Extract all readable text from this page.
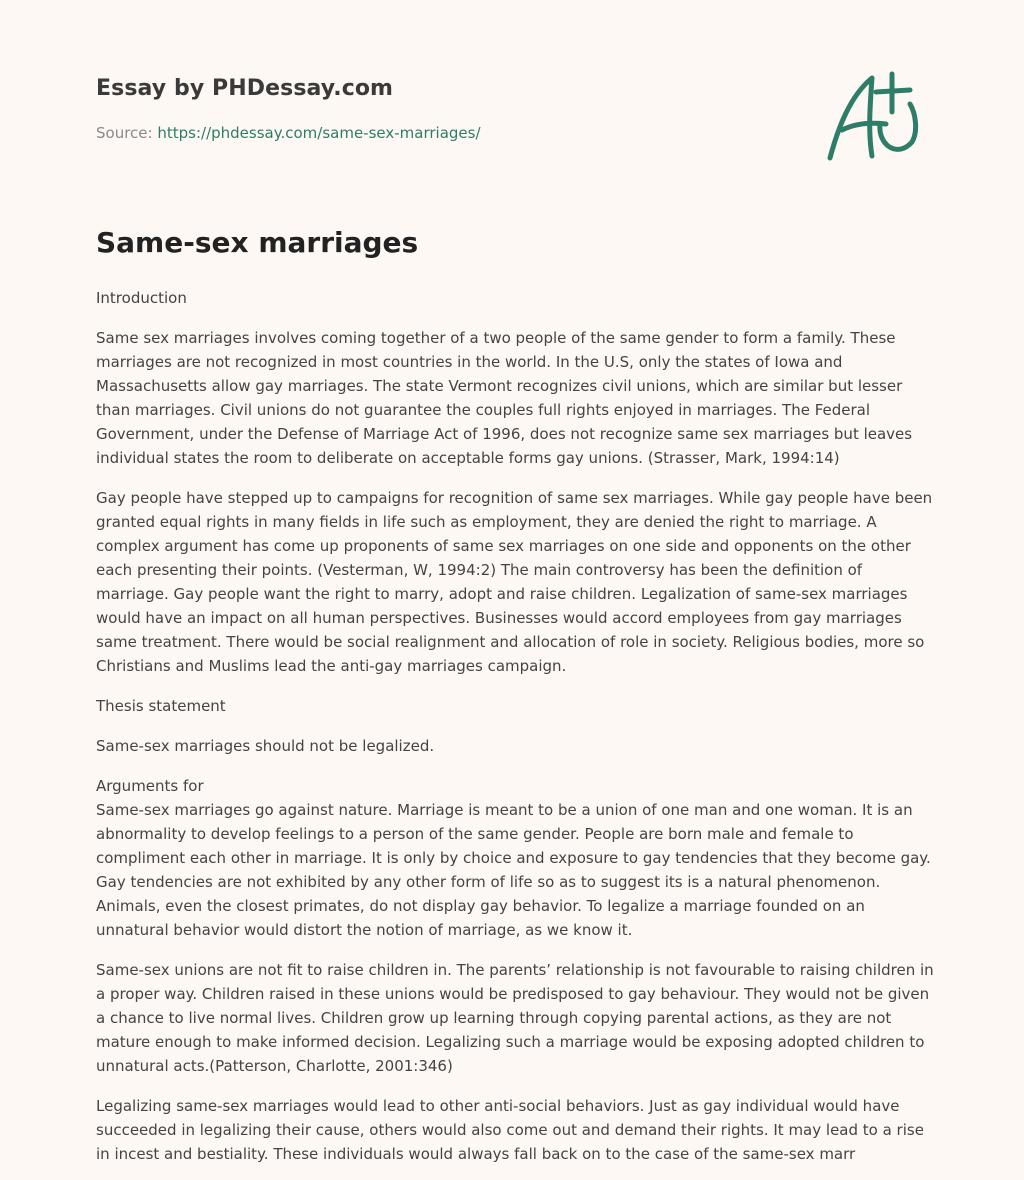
Essay by PHDessay.com
Source: https://phdessay.com/same-sex-marriages/
Same-sex marriages

Introduction

Same sex marriages involves coming together of a two people of the same gender to form a family. These marriages are not recognized in most countries in the world. In the U.S, only the states of Iowa and Massachusetts allow gay marriages. The state Vermont recognizes civil unions, which are similar but lesser than marriages. Civil unions do not guarantee the couples full rights enjoyed in marriages. The Federal Government, under the Defense of Marriage Act of 1996, does not recognize same sex marriages but leaves individual states the room to deliberate on acceptable forms gay unions. (Strasser, Mark, 1994:14)

Gay people have stepped up to campaigns for recognition of same sex marriages. While gay people have been granted equal rights in many fields in life such as employment, they are denied the right to marriage. A complex argument has come up proponents of same sex marriages on one side and opponents on the other each presenting their points. (Vesterman, W, 1994:2) The main controversy has been the definition of marriage. Gay people want the right to marry, adopt and raise children. Legalization of same-sex marriages would have an impact on all human perspectives. Businesses would accord employees from gay marriages same treatment. There would be social realignment and allocation of role in society. Religious bodies, more so Christians and Muslims lead the anti-gay marriages campaign.

Thesis statement

Same-sex marriages should not be legalized.

Arguments for
Same-sex marriages go against nature. Marriage is meant to be a union of one man and one woman. It is an abnormality to develop feelings to a person of the same gender. People are born male and female to compliment each other in marriage. It is only by choice and exposure to gay tendencies that they become gay. Gay tendencies are not exhibited by any other form of life so as to suggest its is a natural phenomenon. Animals, even the closest primates, do not display gay behavior. To legalize a marriage founded on an unnatural behavior would distort the notion of marriage, as we know it.

Same-sex unions are not fit to raise children in. The parents’ relationship is not favourable to raising children in a proper way. Children raised in these unions would be predisposed to gay behaviour. They would not be given a chance to live normal lives. Children grow up learning through copying parental actions, as they are not mature enough to make informed decision. Legalizing such a marriage would be exposing adopted children to unnatural acts.(Patterson, Charlotte, 2001:346)

Legalizing same-sex marriages would lead to other anti-social behaviors. Just as gay individual would have succeeded in legalizing their cause, others would also come out and demand their rights. It may lead to a rise in incest and bestiality. These individuals would always fall back on to the case of the same-sex marr
